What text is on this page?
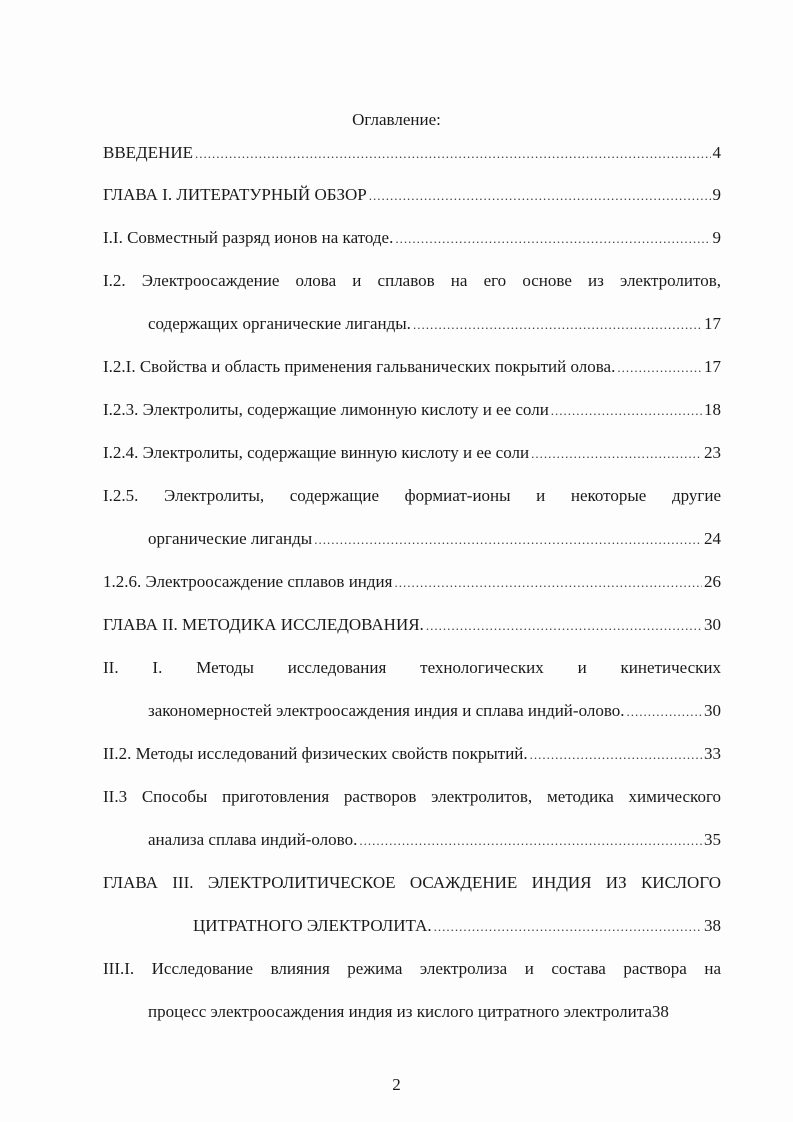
Оглавление:
ВВЕДЕНИЕ .....	4
ГЛАВА I. ЛИТЕРАТУРНЫЙ ОБЗОР .....	9
I.I. Совместный разряд ионов на катоде. .....	9
I.2. Электроосаждение олова и сплавов на его основе из электролитов,
содержащих органические лиганды. .....	17
I.2.I. Свойства и область применения гальванических покрытий олова. .....	17
I.2.3. Электролиты, содержащие лимонную кислоту и ее соли .....	18
I.2.4. Электролиты, содержащие винную кислоту и ее соли .....	23
I.2.5. Электролиты, содержащие формиат-ионы и некоторые другие
органические лиганды .....	24
1.2.6. Электроосаждение сплавов индия .....	26
ГЛАВА II. МЕТОДИКА ИССЛЕДОВАНИЯ. .....	30
II. I. Методы исследования технологических и кинетических
закономерностей электроосаждения индия и сплава индий-олово. .....	30
II.2. Методы исследований физических свойств покрытий. .....	33
II.3 Способы приготовления растворов электролитов, методика химического
анализа сплава индий-олово. .....	35
ГЛАВА III. ЭЛЕКТРОЛИТИЧЕСКОЕ ОСАЖДЕНИЕ ИНДИЯ ИЗ КИСЛОГО
ЦИТРАТНОГО ЭЛЕКТРОЛИТА. .....	38
III.I. Исследование влияния режима электролиза и состава раствора на
процесс электроосаждения индия из кислого цитратного электролита 38
2
